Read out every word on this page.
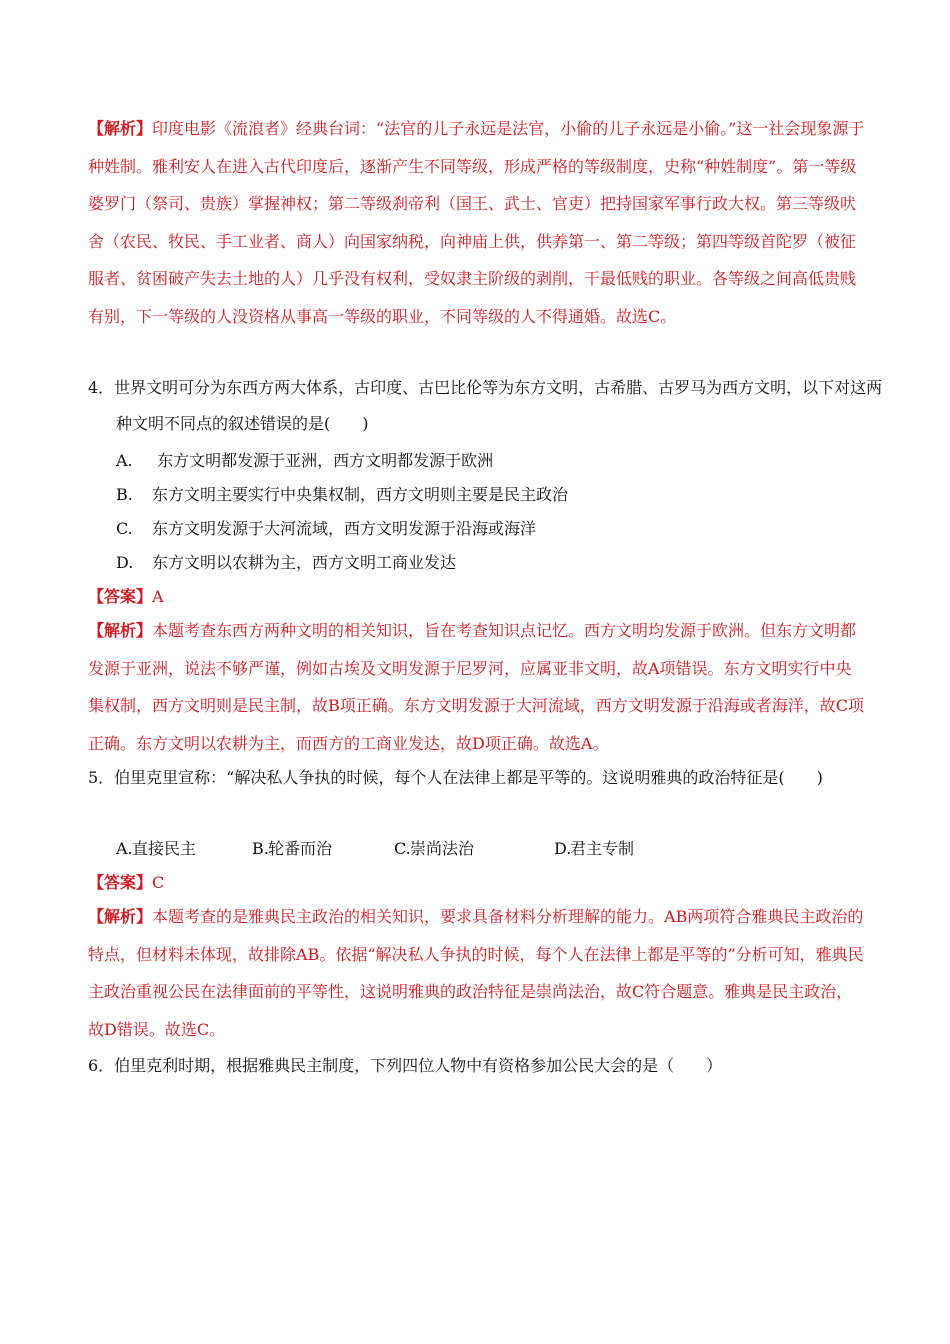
【解析】印度电影《流浪者》经典台词：“法官的儿子永远是法官，小偷的儿子永远是小偷。”这一社会现象源于种姓制。雅利安人在进入古代印度后，逐渐产生不同等级，形成严格的等级制度，史称“种姓制度”。第一等级婆罗门（祭司、贵族）掌握神权；第二等级刹帝利（国王、武士、官吏）把持国家军事行政大权。第三等级吠舍（农民、牧民、手工业者、商人）向国家纳税，向神庙上供，供养第一、第二等级；第四等级首陀罗（被征服者、贫困破产失去土地的人）几乎没有权利，受奴隶主阶级的剥削，干最低贱的职业。各等级之间高低贵贱有别，下一等级的人没资格从事高一等级的职业，不同等级的人不得通婚。故选C。

4．世界文明可分为东西方两大体系，古印度、古巴比伦等为东方文明，古希腊、古罗马为西方文明，以下对这两种文明不同点的叙述错误的是(　　)

A. 东方文明都发源于亚洲，西方文明都发源于欧洲

B. 东方文明主要实行中央集权制，西方文明则主要是民主政治

C. 东方文明发源于大河流域，西方文明发源于沿海或海洋

D. 东方文明以农耕为主，西方文明工商业发达

【答案】A

【解析】本题考查东西方两种文明的相关知识，旨在考查知识点记忆。西方文明均发源于欧洲。但东方文明都发源于亚洲，说法不够严谨，例如古埃及文明发源于尼罗河，应属亚非文明，故A项错误。东方文明实行中央集权制，西方文明则是民主制，故B项正确。东方文明发源于大河流域，西方文明发源于沿海或者海洋，故C项正确。东方文明以农耕为主，而西方的工商业发达，故D项正确。故选A。

5．伯里克里宣称：“解决私人争执的时候，每个人在法律上都是平等的。这说明雅典的政治特征是(　　)

A.
  直接民主	B.
  轮番而治	C.
  崇尚法治	D.

君主专制

【答案】C

【解析】本题考查的是雅典民主政治的相关知识，要求具备材料分析理解的能力。AB两项符合雅典民主政治的特点，但材料未体现，故排除AB。依据“解决私人争执的时候，每个人在法律上都是平等的”分析可知，雅典民主政治重视公民在法律面前的平等性，这说明雅典的政治特征是崇尚法治，故C符合题意。雅典是民主政治，故D错误。故选C。

6．伯里克利时期，根据雅典民主制度，下列四位人物中有资格参加公民大会的是（　　）
